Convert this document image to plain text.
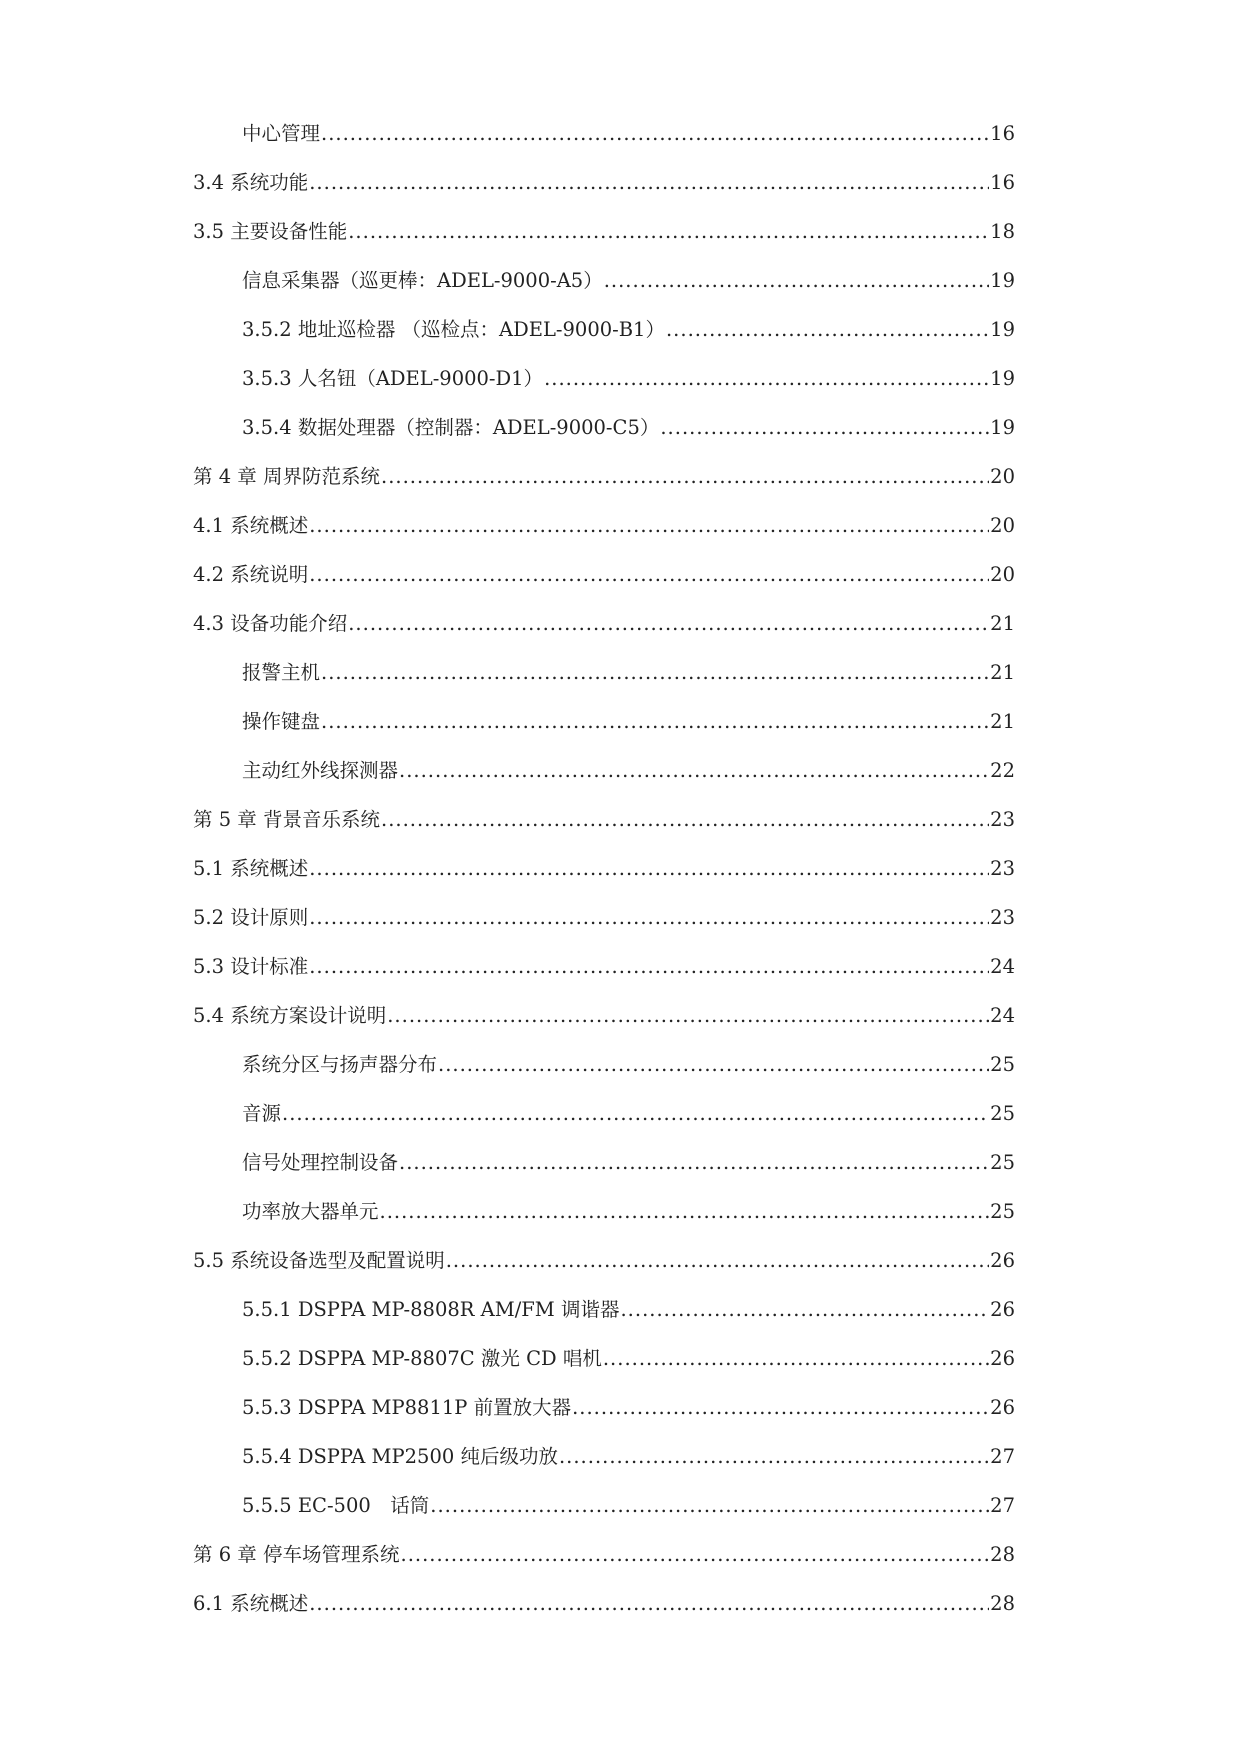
中心管理 .....	16
3.4 系统功能 .....	16
3.5 主要设备性能 .....	18
信息采集器（巡更棒：ADEL-9000-A5） .....	19
3.5.2 地址巡检器 （巡检点：ADEL-9000-B1） .....	19
3.5.3 人名钮（ADEL-9000-D1） .....	19
3.5.4 数据处理器（控制器：ADEL-9000-C5） .....	19
第 4 章 周界防范系统 .....	20
4.1 系统概述 .....	20
4.2 系统说明 .....	20
4.3 设备功能介绍 .....	21
报警主机 .....	21
操作键盘 .....	21
主动红外线探测器 .....	22
第 5 章 背景音乐系统 .....	23
5.1 系统概述 .....	23
5.2 设计原则 .....	23
5.3 设计标准 .....	24
5.4 系统方案设计说明 .....	24
系统分区与扬声器分布 .....	25
音源 .....	25
信号处理控制设备 .....	25
功率放大器单元 .....	25
5.5 系统设备选型及配置说明 .....	26
5.5.1 DSPPA MP-8808R AM/FM 调谐器 .....	26
5.5.2 DSPPA MP-8807C 激光 CD 唱机 .....	26
5.5.3 DSPPA MP8811P 前置放大器 .....	26
5.5.4 DSPPA MP2500 纯后级功放 .....	27
5.5.5 EC-500　话筒 .....	27
第 6 章 停车场管理系统 .....	28
6.1 系统概述 .....	28
